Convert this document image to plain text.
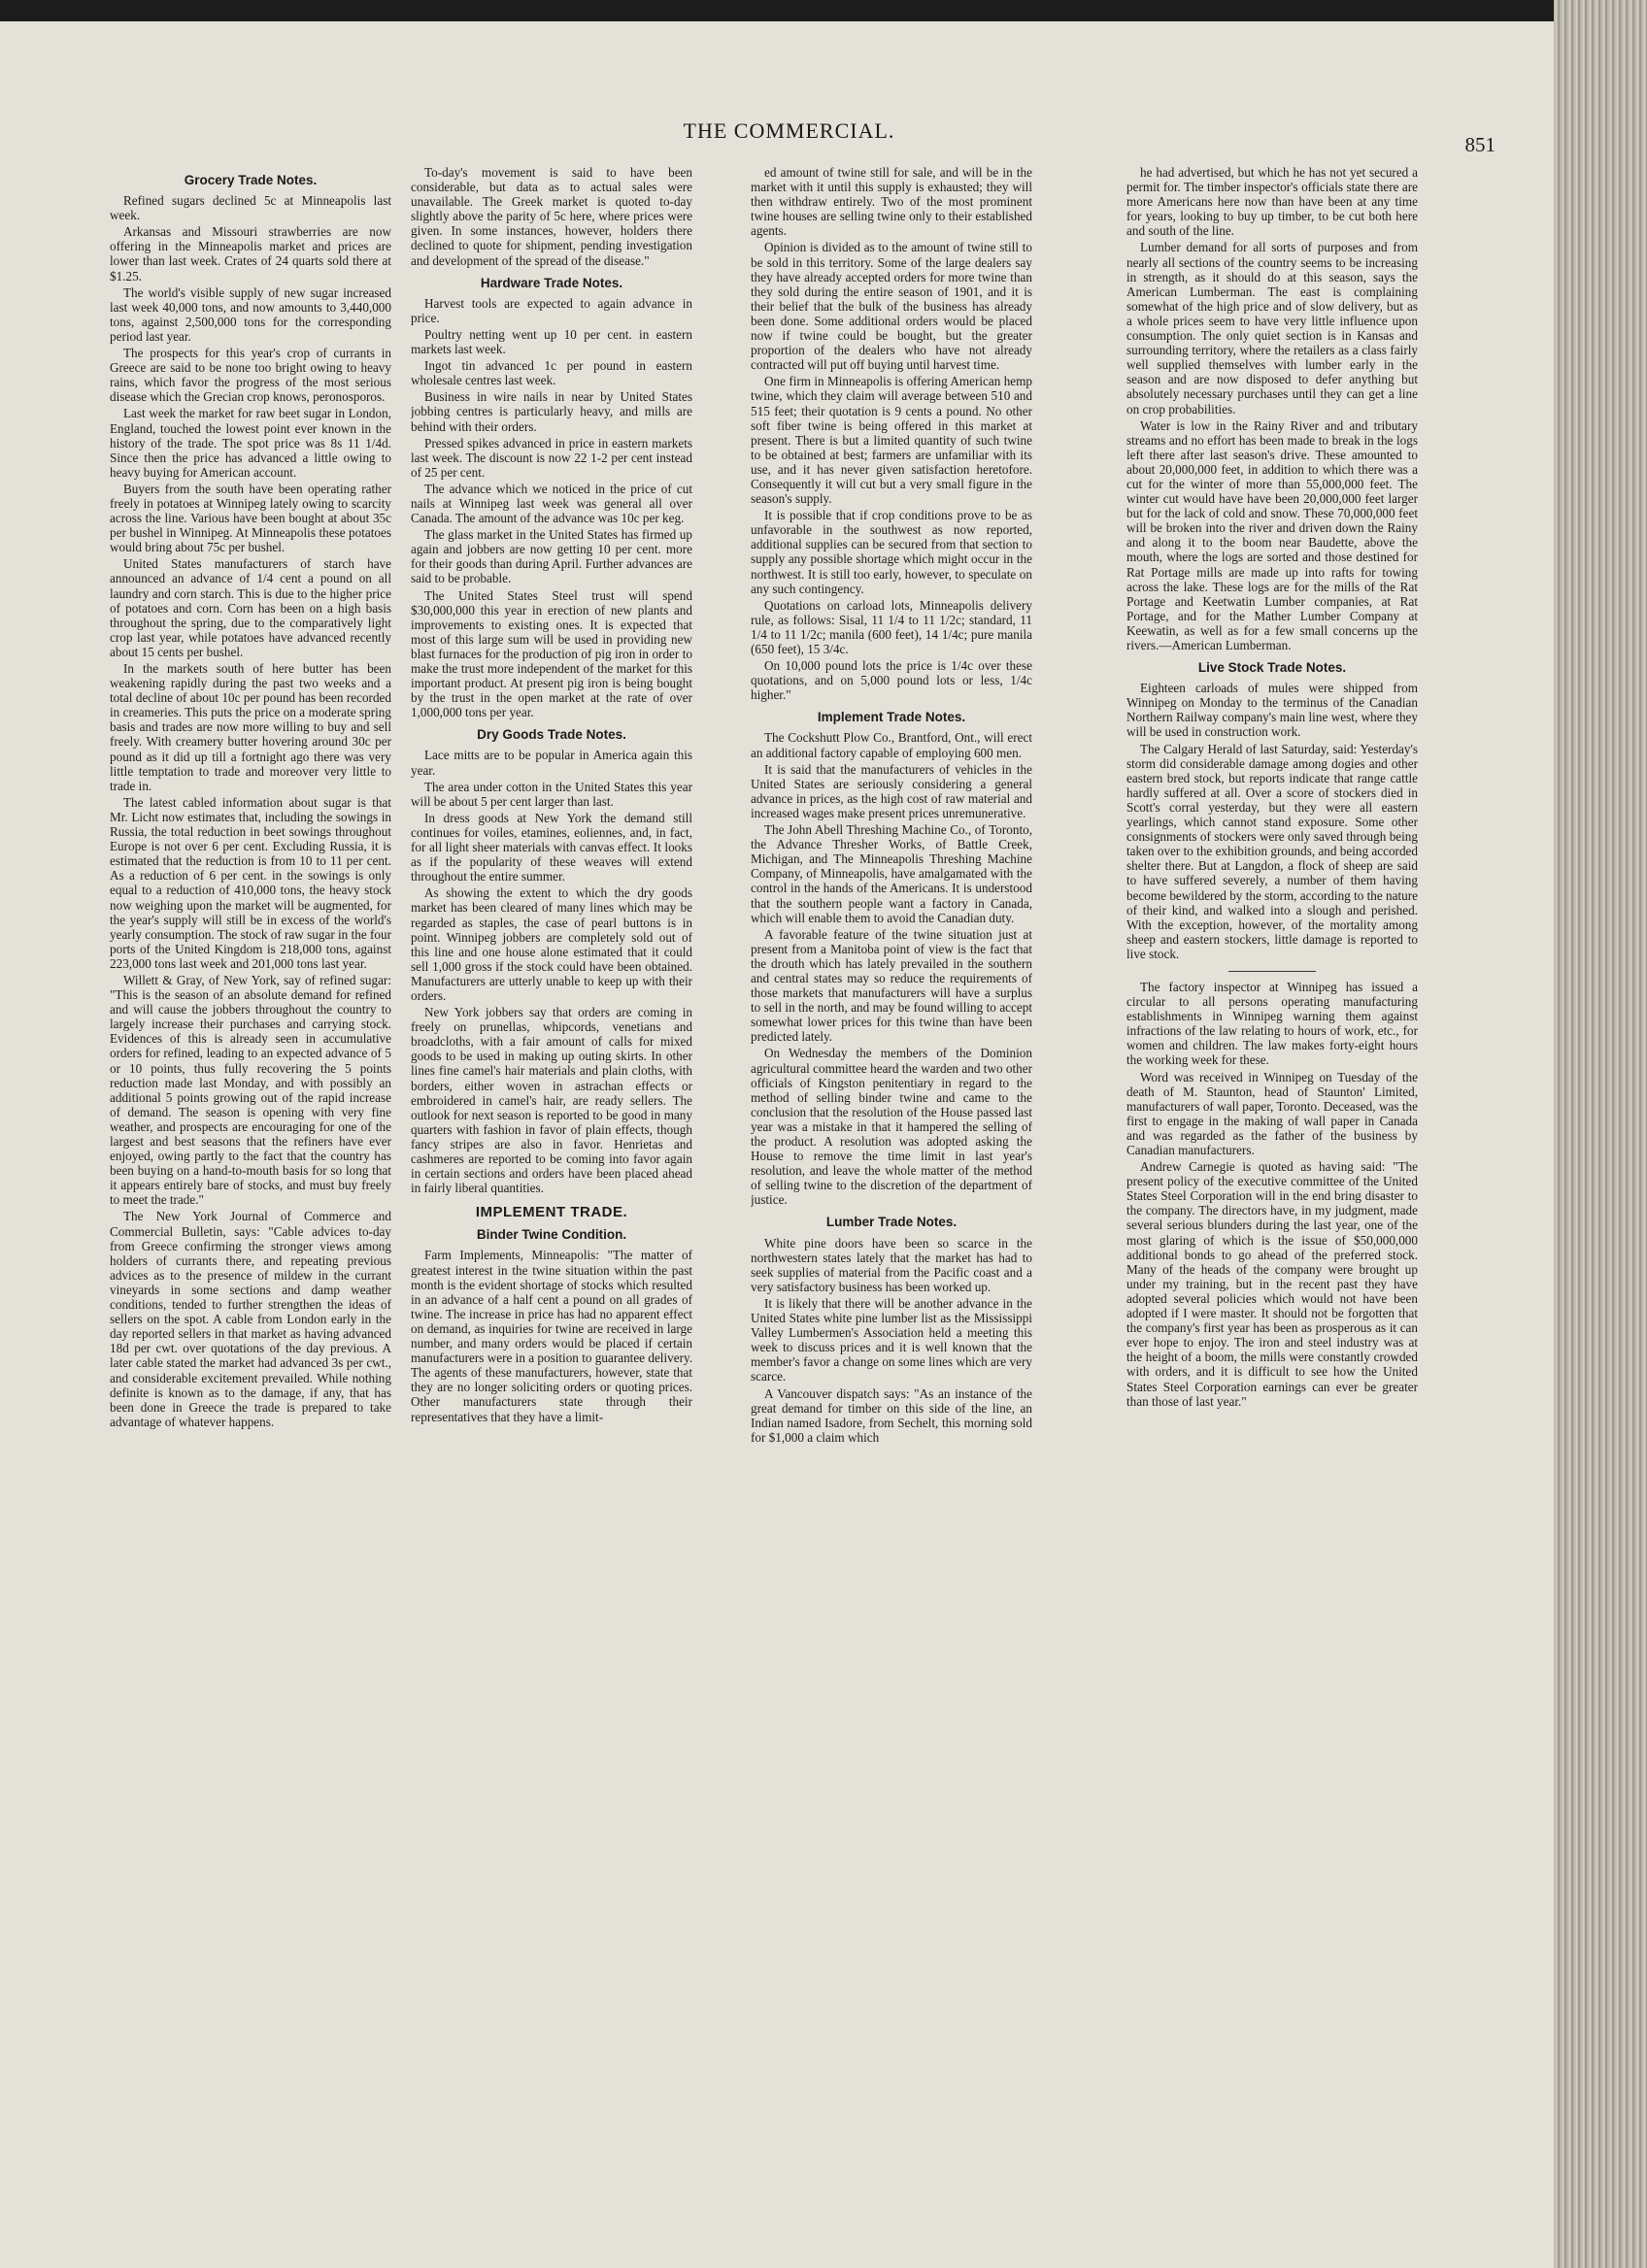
THE COMMERCIAL.
851
Grocery Trade Notes.

Refined sugars declined 5c at Minneapolis last week.

Arkansas and Missouri strawberries are now offering in the Minneapolis market and prices are lower than last week. Crates of 24 quarts sold there at $1.25.

The world's visible supply of new sugar increased last week 40,000 tons, and now amounts to 3,440,000 tons, against 2,500,000 tons for the corresponding period last year.

The prospects for this year's crop of currants in Greece are said to be none too bright owing to heavy rains, which favor the progress of the most serious disease which the Grecian crop knows, peronosporos.

Last week the market for raw beet sugar in London, England, touched the lowest point ever known in the history of the trade. The spot price was 8s 11 1/4d. Since then the price has advanced a little owing to heavy buying for American account.

Buyers from the south have been operating rather freely in potatoes at Winnipeg lately owing to scarcity across the line. Various have been bought at about 35c per bushel in Winnipeg. At Minneapolis these potatoes would bring about 75c per bushel.

United States manufacturers of starch have announced an advance of 1/4 cent a pound on all laundry and corn starch. This is due to the higher price of potatoes and corn. Corn has been on a high basis throughout the spring, due to the comparatively light crop last year, while potatoes have advanced recently about 15 cents per bushel.

In the markets south of here butter has been weakening rapidly during the past two weeks and a total decline of about 10c per pound has been recorded in creameries. This puts the price on a moderate spring basis and trades are now more willing to buy and sell freely. With creamery butter hovering around 30c per pound as it did up till a fortnight ago there was very little temptation to trade and moreover very little to trade in.

The latest cabled information about sugar is that Mr. Licht now estimates that, including the sowings in Russia, the total reduction in beet sowings throughout Europe is not over 6 per cent. Excluding Russia, it is estimated that the reduction is from 10 to 11 per cent. As a reduction of 6 per cent. in the sowings is only equal to a reduction of 410,000 tons, the heavy stock now weighing upon the market will be augmented, for the year's supply will still be in excess of the world's yearly consumption. The stock of raw sugar in the four ports of the United Kingdom is 218,000 tons, against 223,000 tons last week and 201,000 tons last year.

Willett & Gray, of New York, say of refined sugar: "This is the season of an absolute demand for refined and will cause the jobbers throughout the country to largely increase their purchases and carrying stock. Evidences of this is already seen in accumulative orders for refined, leading to an expected advance of 5 or 10 points, thus fully recovering the 5 points reduction made last Monday, and with possibly an additional 5 points growing out of the rapid increase of demand. The season is opening with very fine weather, and prospects are encouraging for one of the largest and best seasons that the refiners have ever enjoyed, owing partly to the fact that the country has been buying on a hand-to-mouth basis for so long that it appears entirely bare of stocks, and must buy freely to meet the trade."

The New York Journal of Commerce and Commercial Bulletin, says: "Cable advices to-day from Greece confirming the stronger views among holders of currants there, and repeating previous advices as to the presence of mildew in the currant vineyards in some sections and damp weather conditions, tended to further strengthen the ideas of sellers on the spot. A cable from London early in the day reported sellers in that market as having advanced 18d per cwt. over quotations of the day previous. A later cable stated the market had advanced 3s per cwt., and considerable excitement prevailed. While nothing definite is known as to the damage, if any, that has been done in Greece the trade is prepared to take advantage of whatever happens.

To-day's movement is said to have been considerable, but data as to actual sales were unavailable. The Greek market is quoted to-day slightly above the parity of 5c here, where prices were given. In some instances, however, holders there declined to quote for shipment, pending investigation and development of the spread of the disease."

Hardware Trade Notes.

Harvest tools are expected to again advance in price.

Poultry netting went up 10 per cent. in eastern markets last week.

Ingot tin advanced 1c per pound in eastern wholesale centres last week.

Business in wire nails in near by United States jobbing centres is particularly heavy, and mills are behind with their orders.

Pressed spikes advanced in price in eastern markets last week. The discount is now 22 1-2 per cent instead of 25 per cent.

The advance which we noticed in the price of cut nails at Winnipeg last week was general all over Canada. The amount of the advance was 10c per keg.

The glass market in the United States has firmed up again and jobbers are now getting 10 per cent. more for their goods than during April. Further advances are said to be probable.

The United States Steel trust will spend $30,000,000 this year in erection of new plants and improvements to existing ones. It is expected that most of this large sum will be used in providing new blast furnaces for the production of pig iron in order to make the trust more independent of the market for this important product. At present pig iron is being bought by the trust in the open market at the rate of over 1,000,000 tons per year.

Dry Goods Trade Notes.

Lace mitts are to be popular in America again this year.

The area under cotton in the United States this year will be about 5 per cent larger than last.

In dress goods at New York the demand still continues for voiles, etamines, eoliennes, and, in fact, for all light sheer materials with canvas effect. It looks as if the popularity of these weaves will extend throughout the entire summer.

As showing the extent to which the dry goods market has been cleared of many lines which may be regarded as staples, the case of pearl buttons is in point. Winnipeg jobbers are completely sold out of this line and one house alone estimated that it could sell 1,000 gross if the stock could have been obtained. Manufacturers are utterly unable to keep up with their orders.

New York jobbers say that orders are coming in freely on prunellas, whipcords, venetians and broadcloths, with a fair amount of calls for mixed goods to be used in making up outing skirts. In other lines fine camel's hair materials and plain cloths, with borders, either woven in astrachan effects or embroidered in camel's hair, are ready sellers. The outlook for next season is reported to be good in many quarters with fashion in favor of plain effects, though fancy stripes are also in favor. Henrietas and cashmeres are reported to be coming into favor again in certain sections and orders have been placed ahead in fairly liberal quantities.

IMPLEMENT TRADE.
Binder Twine Condition.

Farm Implements, Minneapolis: "The matter of greatest interest in the twine situation within the past month is the evident shortage of stocks which resulted in an advance of a half cent a pound on all grades of twine. The increase in price has had no apparent effect on demand, as inquiries for twine are received in large number, and many orders would be placed if certain manufacturers were in a position to guarantee delivery. The agents of these manufacturers, however, state that they are no longer soliciting orders or quoting prices. Other manufacturers state through their representatives that they have a limit-

ed amount of twine still for sale, and will be in the market with it until this supply is exhausted; they will then withdraw entirely. Two of the most prominent twine houses are selling twine only to their established agents.

Opinion is divided as to the amount of twine still to be sold in this territory. Some of the large dealers say they have already accepted orders for more twine than they sold during the entire season of 1901, and it is their belief that the bulk of the business has already been done. Some additional orders would be placed now if twine could be bought, but the greater proportion of the dealers who have not already contracted will put off buying until harvest time.

One firm in Minneapolis is offering American hemp twine, which they claim will average between 510 and 515 feet; their quotation is 9 cents a pound. No other soft fiber twine is being offered in this market at present. There is but a limited quantity of such twine to be obtained at best; farmers are unfamiliar with its use, and it has never given satisfaction heretofore. Consequently it will cut but a very small figure in the season's supply.

It is possible that if crop conditions prove to be as unfavorable in the southwest as now reported, additional supplies can be secured from that section to supply any possible shortage which might occur in the northwest. It is still too early, however, to speculate on any such contingency.

Quotations on carload lots, Minneapolis delivery rule, as follows: Sisal, 11 1/4 to 11 1/2c; standard, 11 1/4 to 11 1/2c; manila (600 feet), 14 1/4c; pure manila (650 feet), 15 3/4c.

On 10,000 pound lots the price is 1/4c over these quotations, and on 5,000 pound lots or less, 1/4c higher."

Implement Trade Notes.

The Cockshutt Plow Co., Brantford, Ont., will erect an additional factory capable of employing 600 men.

It is said that the manufacturers of vehicles in the United States are seriously considering a general advance in prices, as the high cost of raw material and increased wages make present prices unremunerative.

The John Abell Threshing Machine Co., of Toronto, the Advance Thresher Works, of Battle Creek, Michigan, and The Minneapolis Threshing Machine Company, of Minneapolis, have amalgamated with the control in the hands of the Americans. It is understood that the southern people want a factory in Canada, which will enable them to avoid the Canadian duty.

A favorable feature of the twine situation just at present from a Manitoba point of view is the fact that the drouth which has lately prevailed in the southern and central states may so reduce the requirements of those markets that manufacturers will have a surplus to sell in the north, and may be found willing to accept somewhat lower prices for this twine than have been predicted lately.

On Wednesday the members of the Dominion agricultural committee heard the warden and two other officials of Kingston penitentiary in regard to the method of selling binder twine and came to the conclusion that the resolution of the House passed last year was a mistake in that it hampered the selling of the product. A resolution was adopted asking the House to remove the time limit in last year's resolution, and leave the whole matter of the method of selling twine to the discretion of the department of justice.

Lumber Trade Notes.

White pine doors have been so scarce in the northwestern states lately that the market has had to seek supplies of material from the Pacific coast and a very satisfactory business has been worked up.

It is likely that there will be another advance in the United States white pine lumber list as the Mississippi Valley Lumbermen's Association held a meeting this week to discuss prices and it is well known that the member's favor a change on some lines which are very scarce.

A Vancouver dispatch says: "As an instance of the great demand for timber on this side of the line, an Indian named Isadore, from Sechelt, this morning sold for $1,000 a claim which

he had advertised, but which he has not yet secured a permit for. The timber inspector's officials state there are more Americans here now than have been at any time for years, looking to buy up timber, to be cut both here and south of the line.

Lumber demand for all sorts of purposes and from nearly all sections of the country seems to be increasing in strength, as it should do at this season, says the American Lumberman. The east is complaining somewhat of the high price and of slow delivery, but as a whole prices seem to have very little influence upon consumption. The only quiet section is in Kansas and surrounding territory, where the retailers as a class fairly well supplied themselves with lumber early in the season and are now disposed to defer anything but absolutely necessary purchases until they can get a line on crop probabilities.

Water is low in the Rainy River and and tributary streams and no effort has been made to break in the logs left there after last season's drive. These amounted to about 20,000,000 feet, in addition to which there was a cut for the winter of more than 55,000,000 feet. The winter cut would have have been 20,000,000 feet larger but for the lack of cold and snow. These 70,000,000 feet will be broken into the river and driven down the Rainy and along it to the boom near Baudette, above the mouth, where the logs are sorted and those destined for Rat Portage mills are made up into rafts for towing across the lake. These logs are for the mills of the Rat Portage and Keetwatin Lumber companies, at Rat Portage, and for the Mather Lumber Company at Keewatin, as well as for a few small concerns up the rivers.—American Lumberman.

Live Stock Trade Notes.

Eighteen carloads of mules were shipped from Winnipeg on Monday to the terminus of the Canadian Northern Railway company's main line west, where they will be used in construction work.

The Calgary Herald of last Saturday, said: Yesterday's storm did considerable damage among dogies and other eastern bred stock, but reports indicate that range cattle hardly suffered at all. Over a score of stockers died in Scott's corral yesterday, but they were all eastern yearlings, which cannot stand exposure. Some other consignments of stockers were only saved through being taken over to the exhibition grounds, and being accorded shelter there. But at Langdon, a flock of sheep are said to have suffered severely, a number of them having become bewildered by the storm, according to the nature of their kind, and walked into a slough and perished. With the exception, however, of the mortality among sheep and eastern stockers, little damage is reported to live stock.

The factory inspector at Winnipeg has issued a circular to all persons operating manufacturing establishments in Winnipeg warning them against infractions of the law relating to hours of work, etc., for women and children. The law makes forty-eight hours the working week for these.

Word was received in Winnipeg on Tuesday of the death of M. Staunton, head of Staunton' Limited, manufacturers of wall paper, Toronto. Deceased, was the first to engage in the making of wall paper in Canada and was regarded as the father of the business by Canadian manufacturers.

Andrew Carnegie is quoted as having said: "The present policy of the executive committee of the United States Steel Corporation will in the end bring disaster to the company. The directors have, in my judgment, made several serious blunders during the last year, one of the most glaring of which is the issue of $50,000,000 additional bonds to go ahead of the preferred stock. Many of the heads of the company were brought up under my training, but in the recent past they have adopted several policies which would not have been adopted if I were master. It should not be forgotten that the company's first year has been as prosperous as it can ever hope to enjoy. The iron and steel industry was at the height of a boom, the mills were constantly crowded with orders, and it is difficult to see how the United States Steel Corporation earnings can ever be greater than those of last year."
